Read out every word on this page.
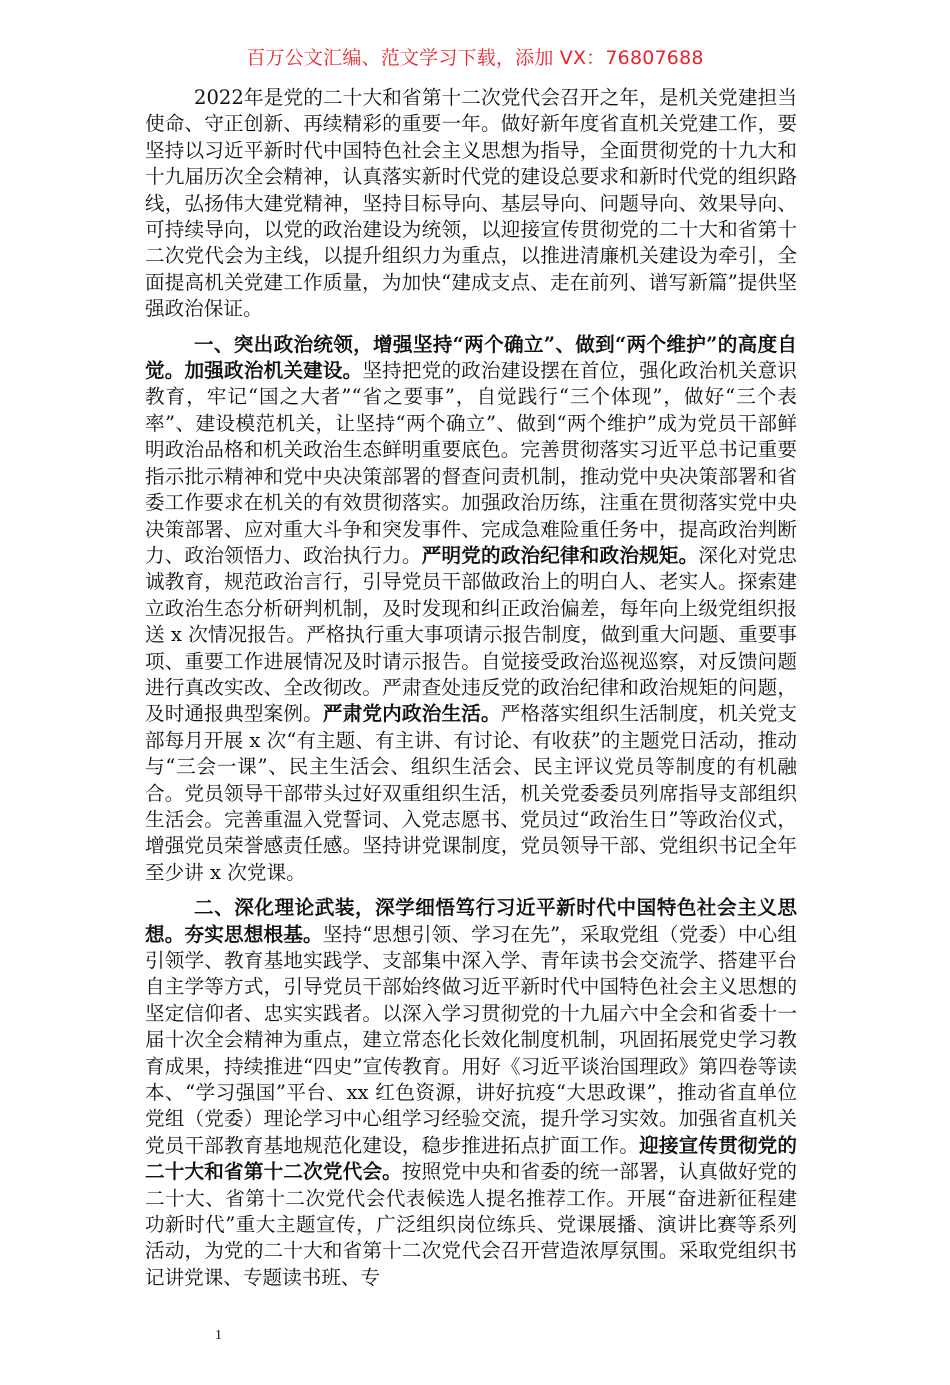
百万公文汇编、范文学习下载，添加 VX：76807688

2022年是党的二十大和省第十二次党代会召开之年，是机关党建担当使命、守正创新、再续精彩的重要一年。做好新年度省直机关党建工作，要坚持以习近平新时代中国特色社会主义思想为指导，全面贯彻党的十九大和十九届历次全会精神，认真落实新时代党的建设总要求和新时代党的组织路线，弘扬伟大建党精神，坚持目标导向、基层导向、问题导向、效果导向、可持续导向，以党的政治建设为统领，以迎接宣传贯彻党的二十大和省第十二次党代会为主线，以提升组织力为重点，以推进清廉机关建设为牵引，全面提高机关党建工作质量，为加快“建成支点、走在前列、谱写新篇”提供坚强政治保证。

一、突出政治统领，增强坚持“两个确立”、做到“两个维护”的高度自觉。加强政治机关建设。坚持把党的政治建设摆在首位，强化政治机关意识教育，牢记“国之大者”“省之要事”，自觉践行“三个体现”，做好“三个表率”、建设模范机关，让坚持“两个确立”、做到“两个维护”成为党员干部鲜明政治品格和机关政治生态鲜明重要底色。完善贯彻落实习近平总书记重要指示批示精神和党中央决策部署的督查问责机制，推动党中央决策部署和省委工作要求在机关的有效贯彻落实。加强政治历练，注重在贯彻落实党中央决策部署、应对重大斗争和突发事件、完成急难险重任务中，提高政治判断力、政治领悟力、政治执行力。严明党的政治纪律和政治规矩。深化对党忠诚教育，规范政治言行，引导党员干部做政治上的明白人、老实人。探索建立政治生态分析研判机制，及时发现和纠正政治偏差，每年向上级党组织报送 x 次情况报告。严格执行重大事项请示报告制度，做到重大问题、重要事项、重要工作进展情况及时请示报告。自觉接受政治巡视巡察，对反馈问题进行真改实改、全改彻改。严肃查处违反党的政治纪律和政治规矩的问题，及时通报典型案例。严肃党内政治生活。严格落实组织生活制度，机关党支部每月开展 x 次“有主题、有主讲、有讨论、有收获”的主题党日活动，推动与“三会一课”、民主生活会、组织生活会、民主评议党员等制度的有机融合。党员领导干部带头过好双重组织生活，机关党委委员列席指导支部组织生活会。完善重温入党誓词、入党志愿书、党员过“政治生日”等政治仪式，增强党员荣誉感责任感。坚持讲党课制度，党员领导干部、党组织书记全年至少讲 x 次党课。

二、深化理论武装，深学细悟笃行习近平新时代中国特色社会主义思想。夯实思想根基。坚持“思想引领、学习在先”，采取党组（党委）中心组引领学、教育基地实践学、支部集中深入学、青年读书会交流学、搭建平台自主学等方式，引导党员干部始终做习近平新时代中国特色社会主义思想的坚定信仰者、忠实实践者。以深入学习贯彻党的十九届六中全会和省委十一届十次全会精神为重点，建立常态化长效化制度机制，巩固拓展党史学习教育成果，持续推进“四史”宣传教育。用好《习近平谈治国理政》第四卷等读本、“学习强国”平台、xx 红色资源，讲好抗疫“大思政课”，推动省直单位党组（党委）理论学习中心组学习经验交流，提升学习实效。加强省直机关党员干部教育基地规范化建设，稳步推进拓点扩面工作。迎接宣传贯彻党的二十大和省第十二次党代会。按照党中央和省委的统一部署，认真做好党的二十大、省第十二次党代会代表候选人提名推荐工作。开展“奋进新征程建功新时代”重大主题宣传，广泛组织岗位练兵、党课展播、演讲比赛等系列活动，为党的二十大和省第十二次党代会召开营造浓厚氛围。采取党组织书记讲党课、专题读书班、专

1
